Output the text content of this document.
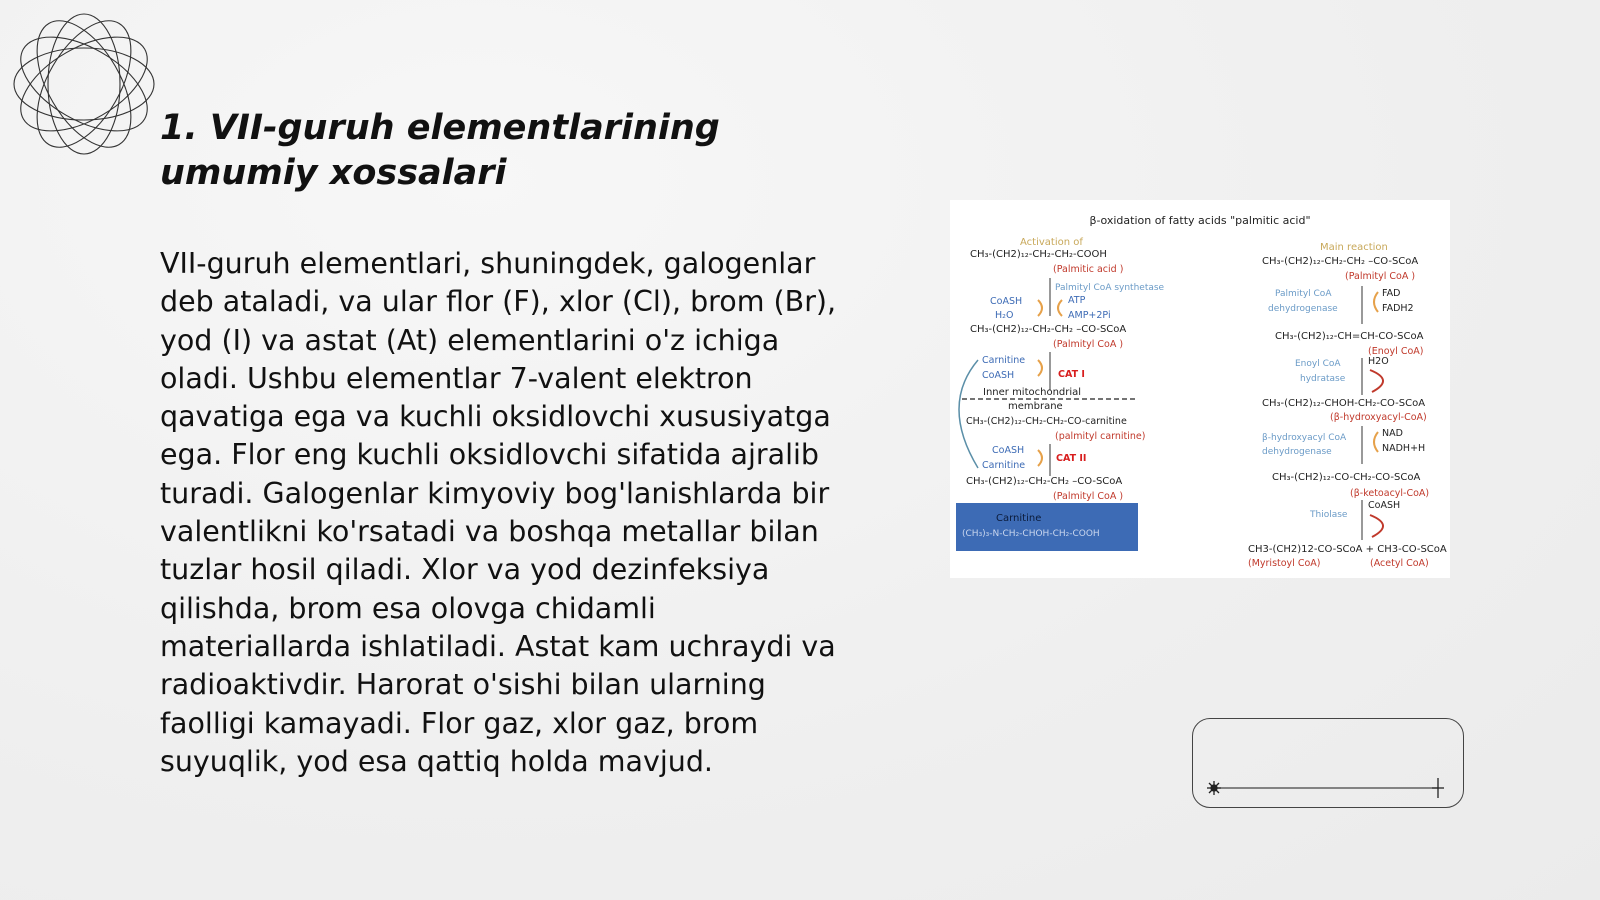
1. VII-guruh elementlarining umumiy xossalari
VII-guruh elementlari, shuningdek, galogenlar deb ataladi, va ular flor (F), xlor (Cl), brom (Br), yod (I) va astat (At) elementlarini o'z ichiga oladi. Ushbu elementlar 7-valent elektron qavatiga ega va kuchli oksidlovchi xususiyatga ega. Flor eng kuchli oksidlovchi sifatida ajralib turadi. Galogenlar kimyoviy bog'lanishlarda bir valentlikni ko'rsatadi va boshqa metallar bilan tuzlar hosil qiladi. Xlor va yod dezinfeksiya qilishda, brom esa olovga chidamli materiallarda ishlatiladi. Astat kam uchraydi va radioaktivdir. Harorat o'sishi bilan ularning faolligi kamayadi. Flor gaz, xlor gaz, brom suyuqlik, yod esa qattiq holda mavjud.
β-oxidation of fatty acids "palmitic acid"
Activation of
CH₃-(CH2)₁₂-CH₂-CH₂-COOH
(Palmitic acid )
Palmityl CoA synthetase
CoASH
H₂O
ATP
AMP+2Pi
CH₃-(CH2)₁₂-CH₂-CH₂ –CO-SCoA
(Palmityl CoA )
Carnitine
CoASH	CAT I
Inner mitochondrial
membrane
CH₃-(CH2)₁₂-CH₂-CH₂-CO-carnitine
(palmityl carnitine)
CoASH
Carnitine
CAT II
CH₃-(CH2)₁₂-CH₂-CH₂ –CO-SCoA
(Palmityl CoA )
Carnitine
(CH₃)₃-N-CH₂-CHOH-CH₂-COOH
Main reaction
CH₃-(CH2)₁₂-CH₂-CH₂ –CO-SCoA
(Palmityl CoA )
Palmityl CoA
dehydrogenase
FAD
FADH2
CH₃-(CH2)₁₂-CH=CH-CO-SCoA
(Enoyl CoA)
Enoyl CoA
hydratase
H2O
CH₃-(CH2)₁₂-CHOH-CH₂-CO-SCoA
(β-hydroxyacyl-CoA)
β-hydroxyacyl CoA
dehydrogenase
NAD
NADH+H
CH₃-(CH2)₁₂-CO-CH₂-CO-SCoA
(β-ketoacyl-CoA)
CoASH
Thiolase
CH3-(CH2)12-CO-SCoA + CH3-CO-SCoA
(Myristoyl CoA)	(Acetyl CoA)
